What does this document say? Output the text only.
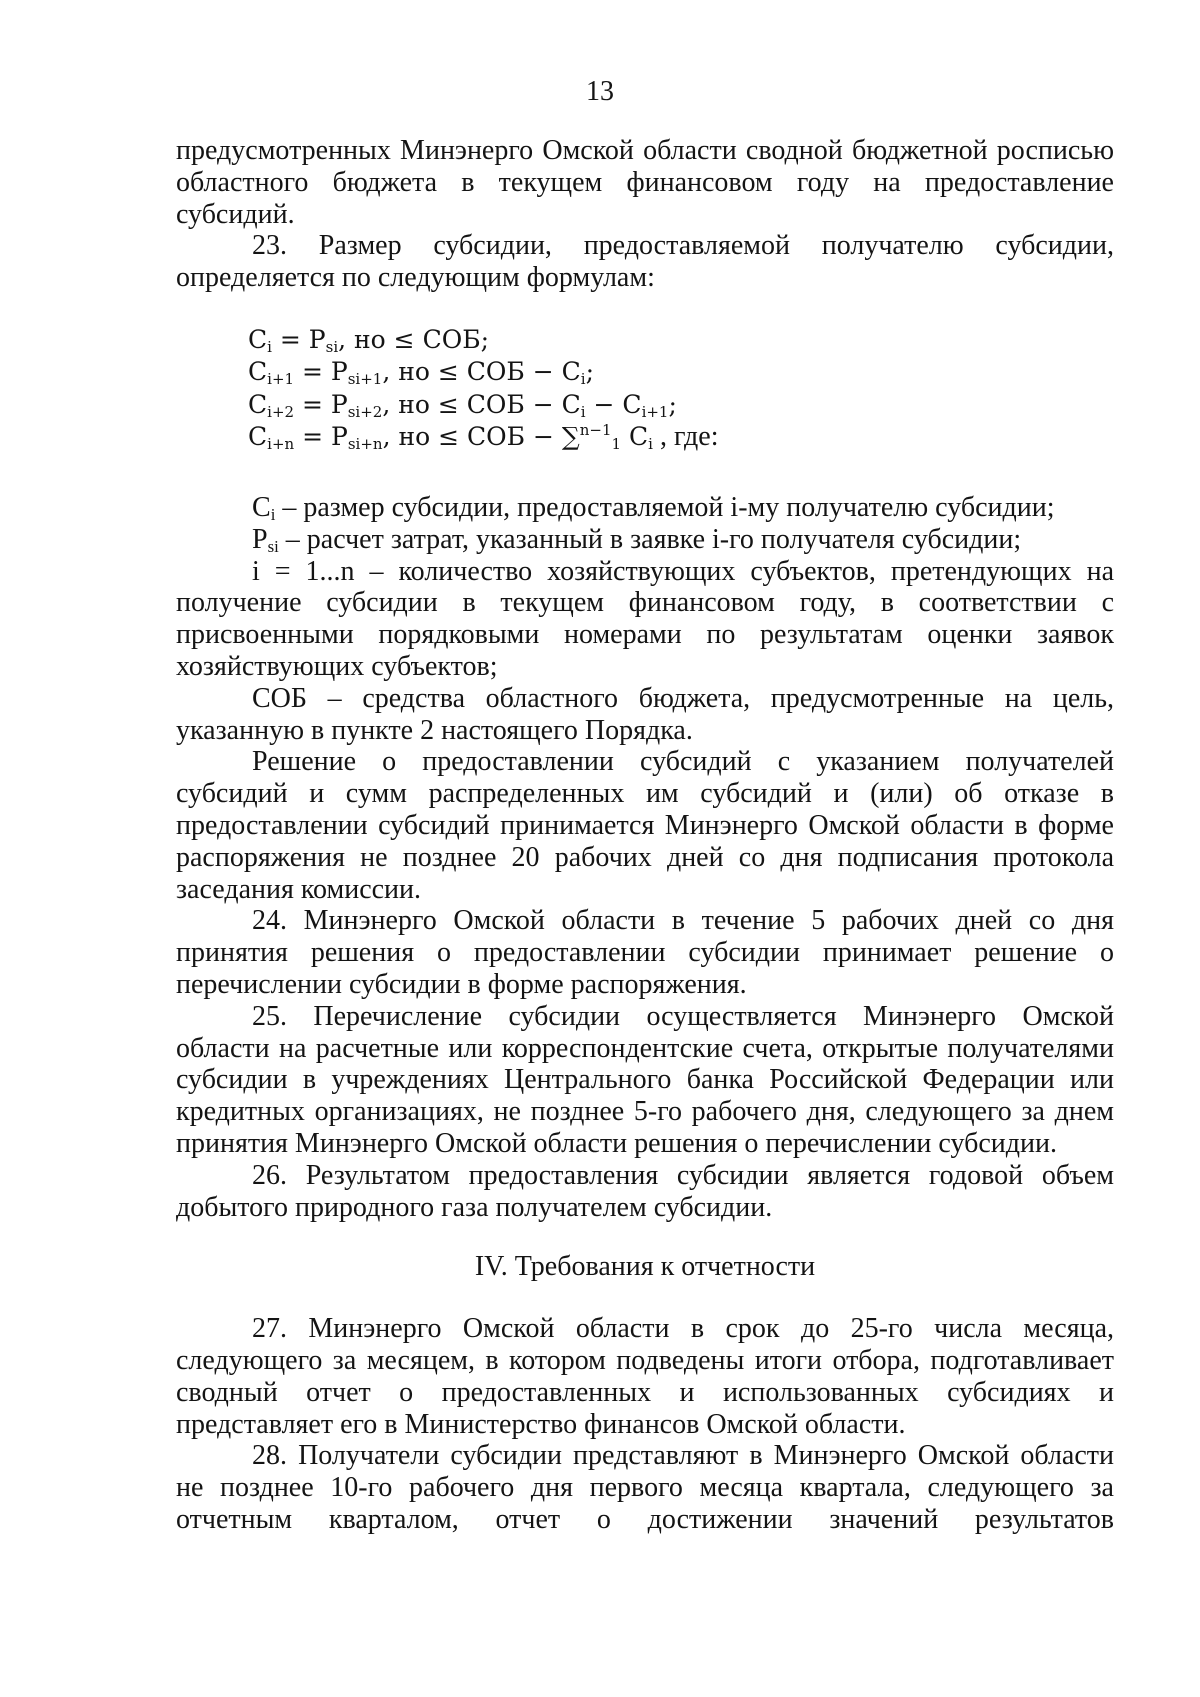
13

предусмотренных Минэнерго Омской области сводной бюджетной росписью областного бюджета в текущем финансовом году на предоставление субсидий.

23. Размер субсидии, предоставляемой получателю субсидии, определяется по следующим формулам:

$C_i = P_{si}$, но ≤ СОБ;
$C_{i+1} = P_{si+1}$, но ≤ СОБ − $C_i$;
$C_{i+2} = P_{si+2}$, но ≤ СОБ − $C_i - C_{i+1}$;
$C_{i+n} = P_{si+n}$, но ≤ СОБ − ∑$^{n-1}_1$ $C_i$ , где:

$C_i$ – размер субсидии, предоставляемой i-му получателю субсидии;

$P_{si}$ – расчет затрат, указанный в заявке i-го получателя субсидии;

i = 1...n – количество хозяйствующих субъектов, претендующих на получение субсидии в текущем финансовом году, в соответствии с присвоенными порядковыми номерами по результатам оценки заявок хозяйствующих субъектов;

СОБ – средства областного бюджета, предусмотренные на цель, указанную в пункте 2 настоящего Порядка.

Решение о предоставлении субсидий с указанием получателей субсидий и сумм распределенных им субсидий и (или) об отказе в предоставлении субсидий принимается Минэнерго Омской области в форме распоряжения не позднее 20 рабочих дней со дня подписания протокола заседания комиссии.

24. Минэнерго Омской области в течение 5 рабочих дней со дня принятия решения о предоставлении субсидии принимает решение о перечислении субсидии в форме распоряжения.

25. Перечисление субсидии осуществляется Минэнерго Омской области на расчетные или корреспондентские счета, открытые получателями субсидии в учреждениях Центрального банка Российской Федерации или кредитных организациях, не позднее 5-го рабочего дня, следующего за днем принятия Минэнерго Омской области решения о перечислении субсидии.

26. Результатом предоставления субсидии является годовой объем добытого природного газа получателем субсидии.

IV. Требования к отчетности

27. Минэнерго Омской области в срок до 25-го числа месяца, следующего за месяцем, в котором подведены итоги отбора, подготавливает сводный отчет о предоставленных и использованных субсидиях и представляет его в Министерство финансов Омской области.

28. Получатели субсидии представляют в Минэнерго Омской области не позднее 10-го рабочего дня первого месяца квартала, следующего за отчетным кварталом, отчет о достижении значений результатов
